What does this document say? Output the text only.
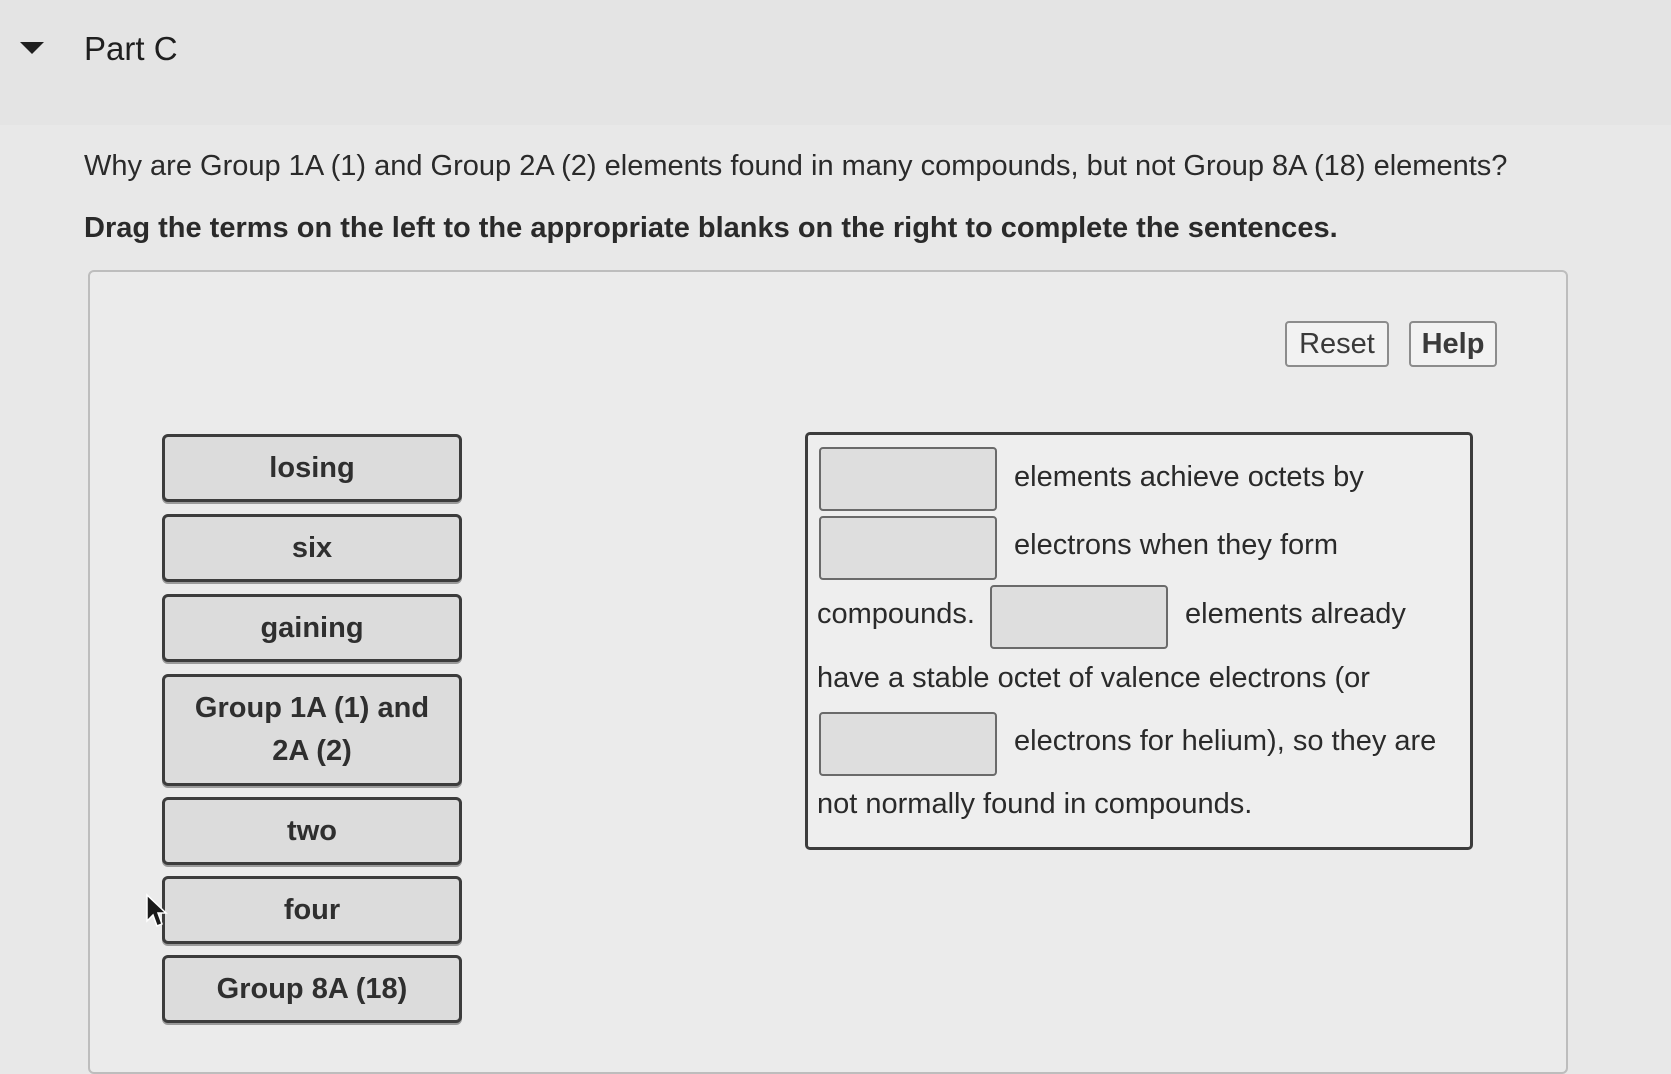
Part C
Why are Group 1A (1) and Group 2A (2) elements found in many compounds, but not Group 8A (18) elements?
Drag the terms on the left to the appropriate blanks on the right to complete the sentences.
Reset	Help
losing
six
gaining
Group 1A (1) and 2A (2)
two
four
Group 8A (18)
elements achieve octets by
electrons when they form
compounds.	elements already
have a stable octet of valence electrons (or
electrons for helium), so they are
not normally found in compounds.
